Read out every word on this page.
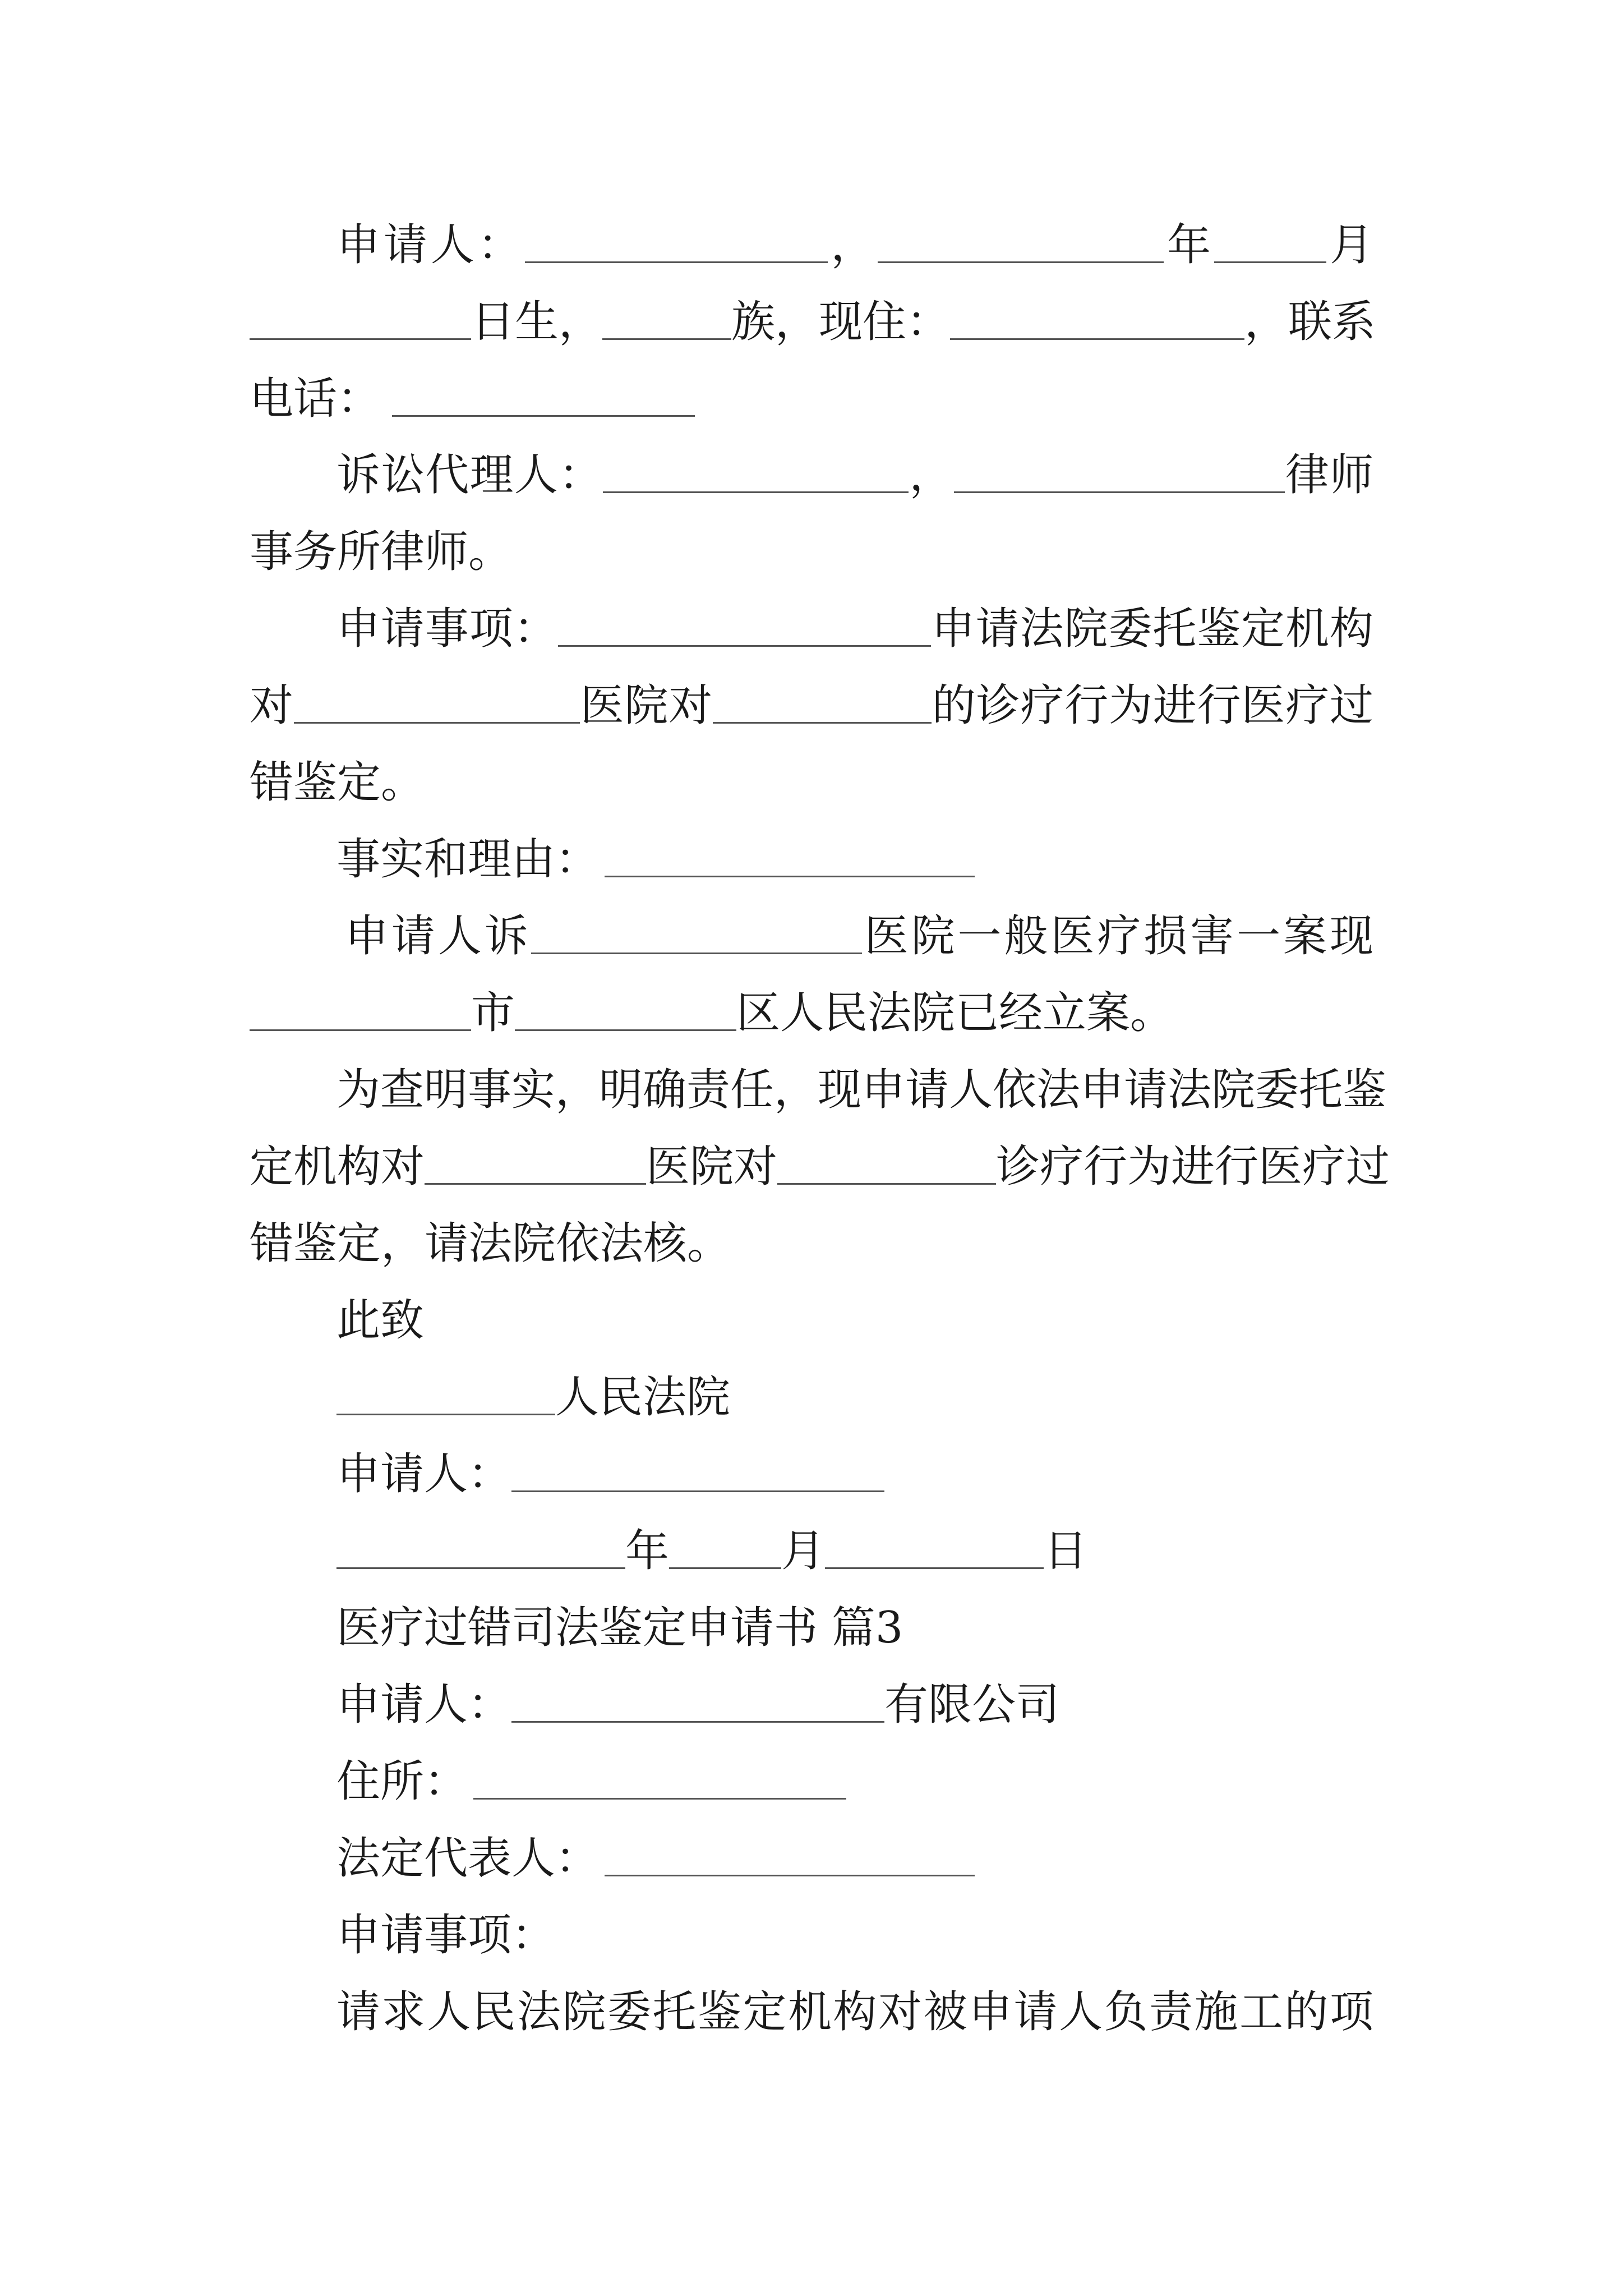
申请人：	，	年	月
日生，	族，现住：	，联系
电话：
诉讼代理人：	，	律师
事务所律师。
申请事项：	申请法院委托鉴定机构
对	医院对	的诊疗行为进行医疗过
错鉴定。
事实和理由：
申请人诉	医院一般医疗损害一案现
市	区人民法院已经立案。
为查明事实，明确责任，现申请人依法申请法院委托鉴
定机构对	医院对	诊疗行为进行医疗过
错鉴定，请法院依法核。
此致
人民法院
申请人：
年	月	日
医疗过错司法鉴定申请书 篇3
申请人：	有限公司
住所：
法定代表人：
申请事项：
请求人民法院委托鉴定机构对被申请人负责施工的项
